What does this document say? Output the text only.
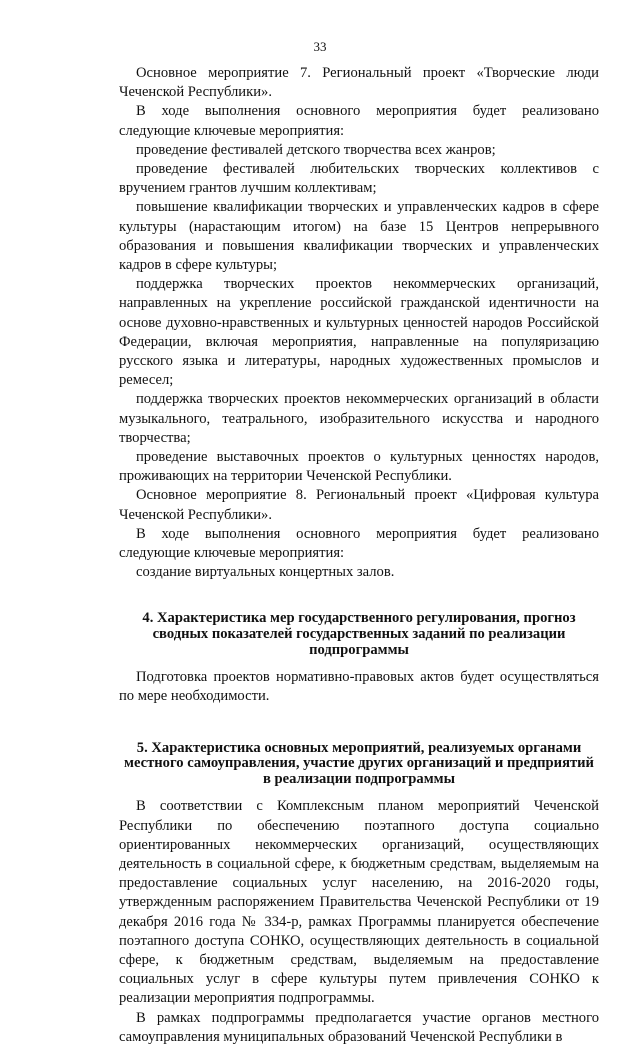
33

Основное мероприятие 7. Региональный проект «Творческие люди Чеченской Республики».

В ходе выполнения основного мероприятия будет реализовано следующие ключевые мероприятия:

проведение фестивалей детского творчества всех жанров;

проведение фестивалей любительских творческих коллективов с вручением грантов лучшим коллективам;

повышение квалификации творческих и управленческих кадров в сфере культуры (нарастающим итогом) на базе 15 Центров непрерывного образования и повышения квалификации творческих и управленческих кадров в сфере культуры;

поддержка творческих проектов некоммерческих организаций, направленных на укрепление российской гражданской идентичности на основе духовно-нравственных и культурных ценностей народов Российской Федерации, включая мероприятия, направленные на популяризацию русского языка и литературы, народных художественных промыслов и ремесел;

поддержка творческих проектов некоммерческих организаций в области музыкального, театрального, изобразительного искусства и народного творчества;

проведение выставочных проектов о культурных ценностях народов, проживающих на территории Чеченской Республики.

Основное мероприятие 8. Региональный проект «Цифровая культура Чеченской Республики».

В ходе выполнения основного мероприятия будет реализовано следующие ключевые мероприятия:

создание виртуальных концертных залов.

4. Характеристика мер государственного регулирования, прогноз сводных показателей государственных заданий по реализации подпрограммы

Подготовка проектов нормативно-правовых актов будет осуществляться по мере необходимости.

5. Характеристика основных мероприятий, реализуемых органами местного самоуправления, участие других организаций и предприятий в реализации подпрограммы

В соответствии с Комплексным планом мероприятий Чеченской Республики по обеспечению поэтапного доступа социально ориентированных некоммерческих организаций, осуществляющих деятельность в социальной сфере, к бюджетным средствам, выделяемым на предоставление социальных услуг населению, на 2016-2020 годы, утвержденным распоряжением Правительства Чеченской Республики от 19 декабря 2016 года № 334-р, рамках Программы планируется обеспечение поэтапного доступа СОНКО, осуществляющих деятельность в социальной сфере, к бюджетным средствам, выделяемым на предоставление социальных услуг в сфере культуры путем привлечения СОНКО к реализации мероприятия подпрограммы.

В рамках подпрограммы предполагается участие органов местного самоуправления муниципальных образований Чеченской Республики в
